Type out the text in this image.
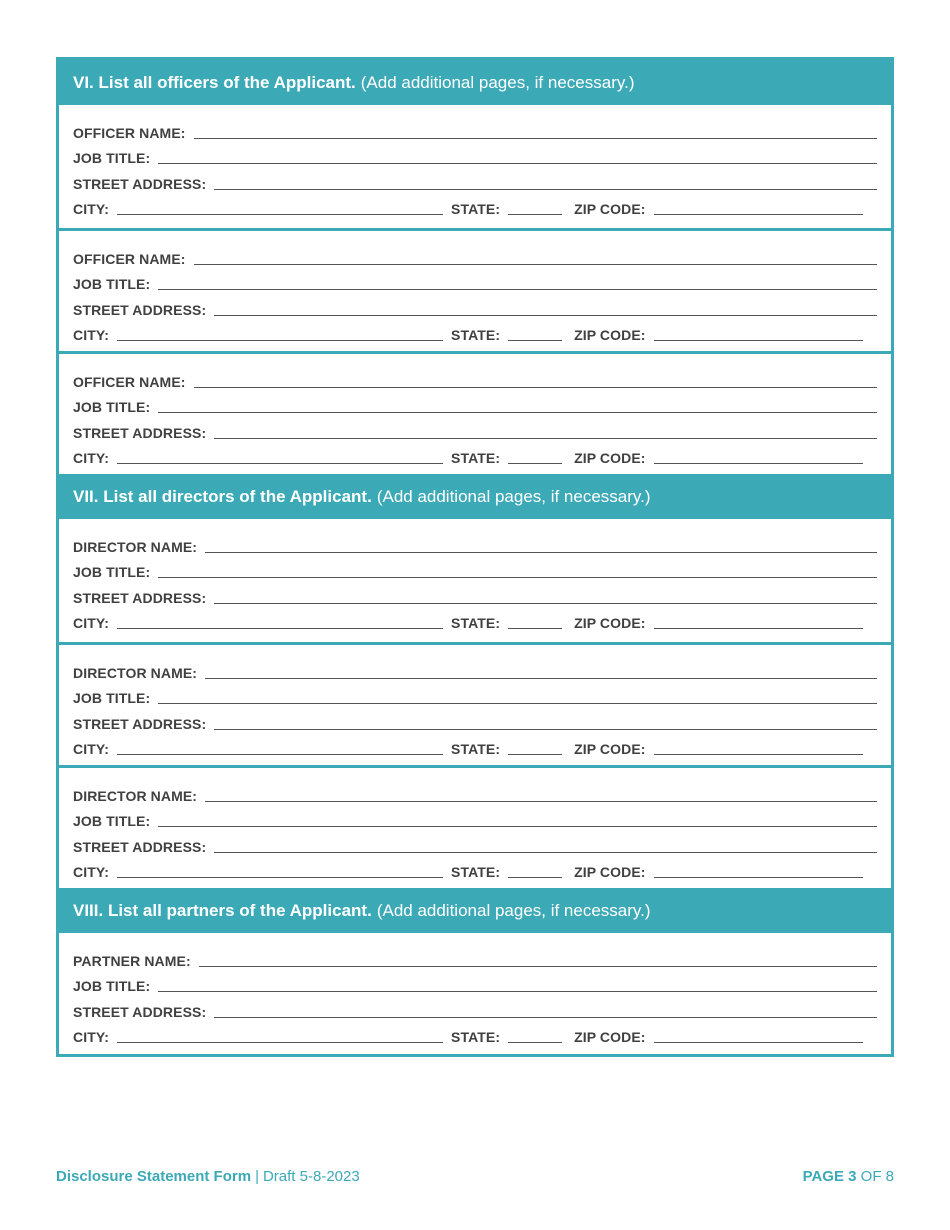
VI. List all officers of the Applicant. (Add additional pages, if necessary.)
OFFICER NAME:
JOB TITLE:
STREET ADDRESS:
CITY:	STATE:	ZIP CODE:
OFFICER NAME:
JOB TITLE:
STREET ADDRESS:
CITY:	STATE:	ZIP CODE:
OFFICER NAME:
JOB TITLE:
STREET ADDRESS:
CITY:	STATE:	ZIP CODE:
VII. List all directors of the Applicant. (Add additional pages, if necessary.)
DIRECTOR NAME:
JOB TITLE:
STREET ADDRESS:
CITY:	STATE:	ZIP CODE:
DIRECTOR NAME:
JOB TITLE:
STREET ADDRESS:
CITY:	STATE:	ZIP CODE:
DIRECTOR NAME:
JOB TITLE:
STREET ADDRESS:
CITY:	STATE:	ZIP CODE:
VIII. List all partners of the Applicant. (Add additional pages, if necessary.)
PARTNER NAME:
JOB TITLE:
STREET ADDRESS:
CITY:	STATE:	ZIP CODE:
Disclosure Statement Form | Draft 5-8-2023	PAGE 3 OF 8
